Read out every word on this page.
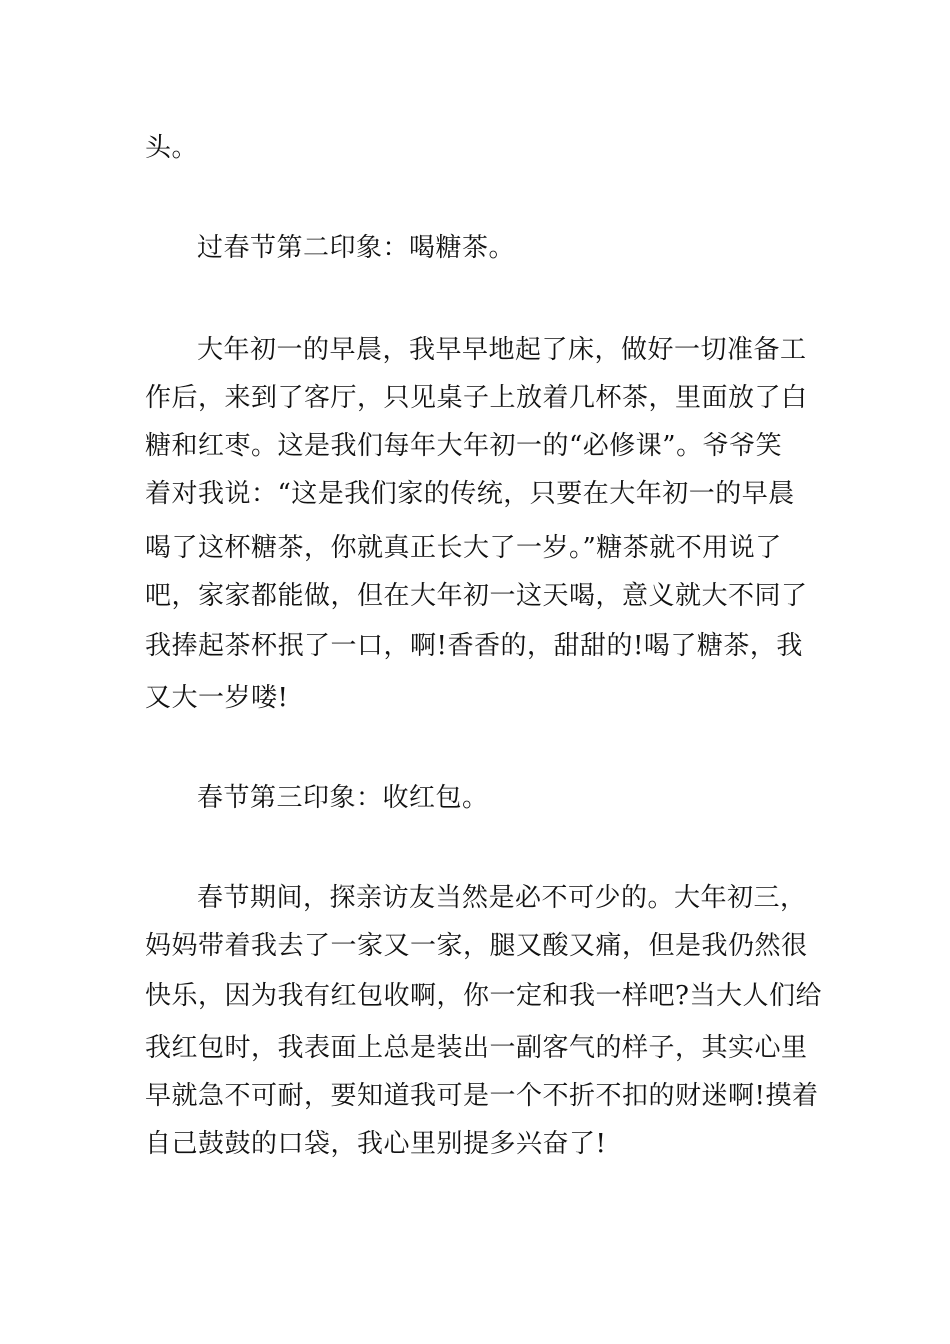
头。

过春节第二印象：喝糖茶。

大年初一的早晨，我早早地起了床，做好一切准备工

作后，来到了客厅，只见桌子上放着几杯茶，里面放了白

糖和红枣。这是我们每年大年初一的“必修课”。爷爷笑

着对我说：“这是我们家的传统，只要在大年初一的早晨

喝了这杯糖茶，你就真正长大了一岁。”糖茶就不用说了

吧，家家都能做，但在大年初一这天喝，意义就大不同了

我捧起茶杯抿了一口，啊!香香的，甜甜的!喝了糖茶，我

又大一岁喽!

春节第三印象：收红包。

春节期间，探亲访友当然是必不可少的。大年初三，

妈妈带着我去了一家又一家，腿又酸又痛，但是我仍然很

快乐，因为我有红包收啊，你一定和我一样吧?当大人们给

我红包时，我表面上总是装出一副客气的样子，其实心里

早就急不可耐，要知道我可是一个不折不扣的财迷啊!摸着

自己鼓鼓的口袋，我心里别提多兴奋了!
